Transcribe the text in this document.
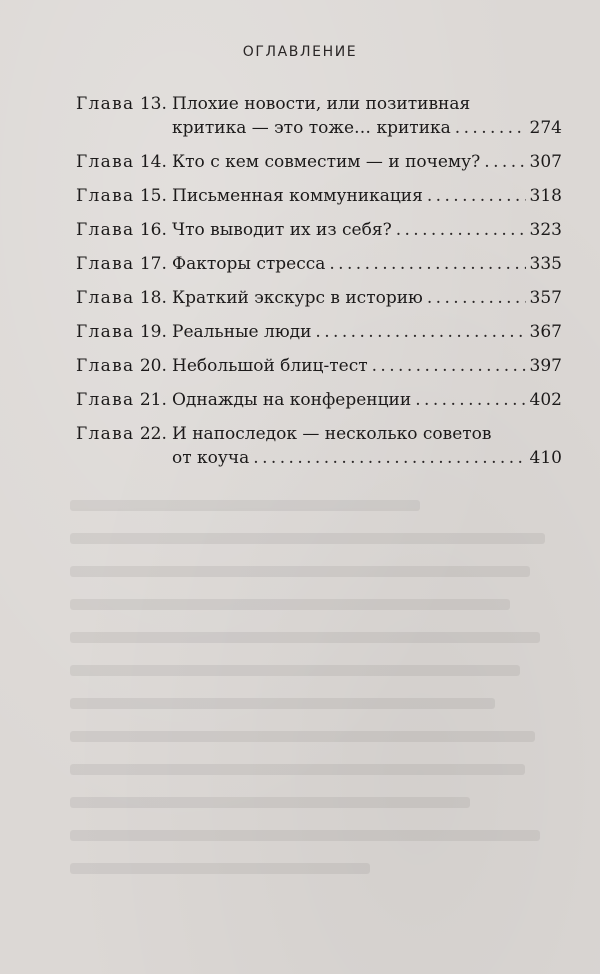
ОГЛАВЛЕНИЕ
Глава 13. Плохие новости, или позитивная
критика — это тоже… критика . . .	274
Глава 14. Кто с кем совместим — и почему? . . .	307
Глава 15. Письменная коммуникация . . .	318
Глава 16. Что выводит их из себя? . . .	323
Глава 17. Факторы стресса . . .	335
Глава 18. Краткий экскурс в историю . . .	357
Глава 19. Реальные люди . . .	367
Глава 20. Небольшой блиц-тест . . .	397
Глава 21. Однажды на конференции . . .	402
Глава 22. И напоследок — несколько советов
от коуча . . .	410
